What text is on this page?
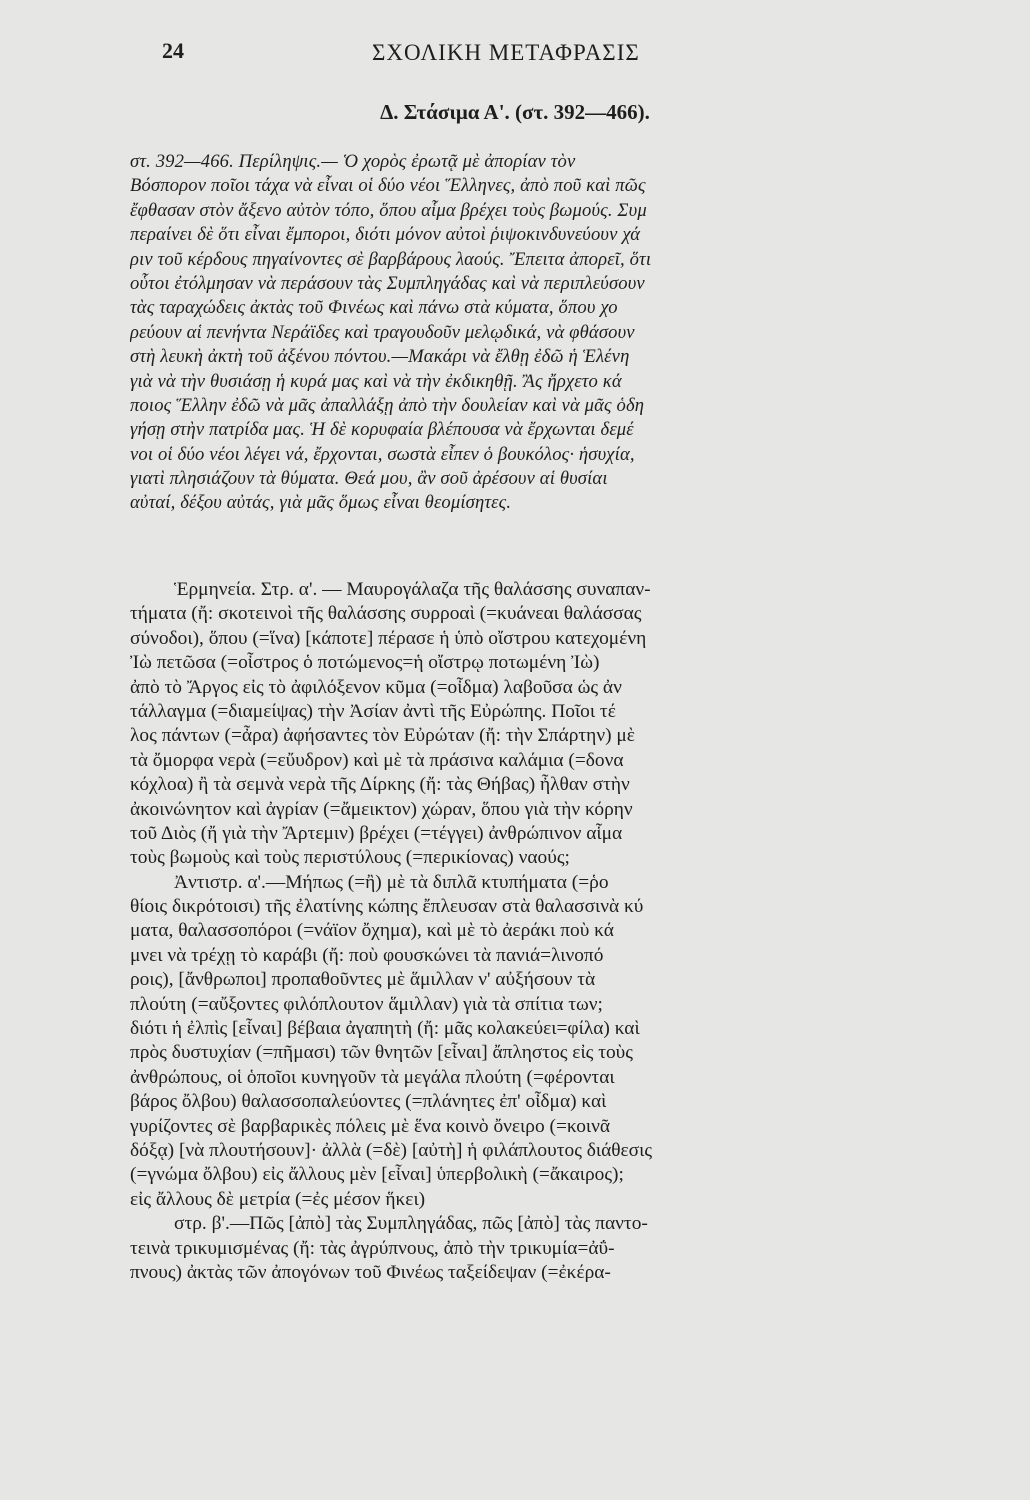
24	ΣΧΟΛΙΚΗ ΜΕΤΑΦΡΑΣΙΣ
Δ. Στάσιμα Α'. (στ. 392—466).
στ. 392—466. Περίληψις.— Ὁ χορὸς ἐρωτᾷ μὲ ἀπορίαν τὸν
Βόσπορον ποῖοι τάχα νὰ εἶναι οἱ δύο νέοι Ἕλληνες, ἀπὸ ποῦ καὶ πῶς
ἔφθασαν στὸν ἄξενο αὐτὸν τόπο, ὅπου αἷμα βρέχει τοὺς βωμούς. Συμ
περαίνει δὲ ὅτι εἶναι ἔμποροι, διότι μόνον αὐτοὶ ῥιψοκινδυνεύουν χά
ριν τοῦ κέρδους πηγαίνοντες σὲ βαρβάρους λαούς. Ἔπειτα ἀπορεῖ, ὅτι
οὗτοι ἐτόλμησαν νὰ περάσουν τὰς Συμπληγάδας καὶ νὰ περιπλεύσουν
τὰς ταραχώδεις ἀκτὰς τοῦ Φινέως καὶ πάνω στὰ κύματα, ὅπου χο
ρεύουν αἱ πενήντα Νεράϊδες καὶ τραγουδοῦν μελῳδικά, νὰ φθάσουν
στὴ λευκὴ ἀκτὴ τοῦ ἀξένου πόντου.—Μακάρι νὰ ἔλθῃ ἐδῶ ἡ Ἑλένη
γιὰ νὰ τὴν θυσιάσῃ ἡ κυρά μας καὶ νὰ τὴν ἐκδικηθῇ. Ἂς ἤρχετο κά
ποιος Ἕλλην ἐδῶ νὰ μᾶς ἀπαλλάξῃ ἀπὸ τὴν δουλείαν καὶ νὰ μᾶς ὁδη
γήσῃ στὴν πατρίδα μας. Ἡ δὲ κορυφαία βλέπουσα νὰ ἔρχωνται δεμέ
νοι οἱ δύο νέοι λέγει νά, ἔρχονται, σωστὰ εἶπεν ὁ βουκόλος· ἡσυχία,
γιατὶ πλησιάζουν τὰ θύματα. Θεά μου, ἂν σοῦ ἀρέσουν αἱ θυσίαι
αὐταί, δέξου αὐτάς, γιὰ μᾶς ὅμως εἶναι θεομίσητες.
Ἑρμηνεία. Στρ. α'. — Μαυρογάλαζα τῆς θαλάσσης συναπαν-
τήματα (ἤ: σκοτεινοὶ τῆς θαλάσσης συρροαὶ (=κυάνεαι θαλάσσας
σύνοδοι), ὅπου (=ἵνα) [κάποτε] πέρασε ἡ ὑπὸ οἴστρου κατεχομένη
Ἰὼ πετῶσα (=οἶστρος ὁ ποτώμενος=ἡ οἴστρῳ ποτωμένη Ἰὼ)
ἀπὸ τὸ Ἄργος εἰς τὸ ἀφιλόξενον κῦμα (=οἶδμα) λαβοῦσα ὡς ἀν
τάλλαγμα (=διαμείψας) τὴν Ἀσίαν ἀντὶ τῆς Εὐρώπης. Ποῖοι τέ
λος πάντων (=ἆρα) ἀφήσαντες τὸν Εὐρώταν (ἤ: τὴν Σπάρτην) μὲ
τὰ ὄμορφα νερὰ (=εὔυδρον) καὶ μὲ τὰ πράσινα καλάμια (=δονα
κόχλοα) ἢ τὰ σεμνὰ νερὰ τῆς Δίρκης (ἤ: τὰς Θήβας) ἦλθαν στὴν
ἀκοινώνητον καὶ ἀγρίαν (=ἄμεικτον) χώραν, ὅπου γιὰ τὴν κόρην
τοῦ Διὸς (ἤ γιὰ τὴν Ἄρτεμιν) βρέχει (=τέγγει) ἀνθρώπινον αἷμα
τοὺς βωμοὺς καὶ τοὺς περιστύλους (=περικίονας) ναούς;
Ἀντιστρ. α'.—Μήπως (=ἢ) μὲ τὰ διπλᾶ κτυπήματα (=ῥο
θίοις δικρότοισι) τῆς ἐλατίνης κώπης ἔπλευσαν στὰ θαλασσινὰ κύ
ματα, θαλασσοπόροι (=νάϊον ὄχημα), καὶ μὲ τὸ ἀεράκι ποὺ κά
μνει νὰ τρέχῃ τὸ καράβι (ἤ: ποὺ φουσκώνει τὰ πανιά=λινοπό
ροις), [ἄνθρωποι] προπαθοῦντες μὲ ἅμιλλαν ν' αὐξήσουν τὰ
πλούτη (=αὔξοντες φιλόπλουτον ἅμιλλαν) γιὰ τὰ σπίτια των;
διότι ἡ ἐλπὶς [εἶναι] βέβαια ἀγαπητὴ (ἤ: μᾶς κολακεύει=φίλα) καὶ
πρὸς δυστυχίαν (=πῆμασι) τῶν θνητῶν [εἶναι] ἄπληστος εἰς τοὺς
ἀνθρώπους, οἱ ὁποῖοι κυνηγοῦν τὰ μεγάλα πλούτη (=φέρονται
βάρος ὄλβου) θαλασσοπαλεύοντες (=πλάνητες ἐπ' οἶδμα) καὶ
γυρίζοντες σὲ βαρβαρικὲς πόλεις μὲ ἕνα κοινὸ ὄνειρο (=κοινᾶ
δόξᾳ) [νὰ πλουτήσουν]· ἀλλὰ (=δὲ) [αὐτὴ] ἡ φιλάπλουτος διάθεσις
(=γνώμα ὄλβου) εἰς ἄλλους μὲν [εἶναι] ὑπερβολικὴ (=ἄκαιρος);
εἰς ἄλλους δὲ μετρία (=ἐς μέσον ἥκει)
στρ. β'.—Πῶς [ἀπὸ] τὰς Συμπληγάδας, πῶς [ἀπὸ] τὰς παντο-
τεινὰ τρικυμισμένας (ἤ: τὰς ἀγρύπνους, ἀπὸ τὴν τρικυμία=ἀΰ-
πνους) ἀκτὰς τῶν ἀπογόνων τοῦ Φινέως ταξείδεψαν (=ἐκέρα-
